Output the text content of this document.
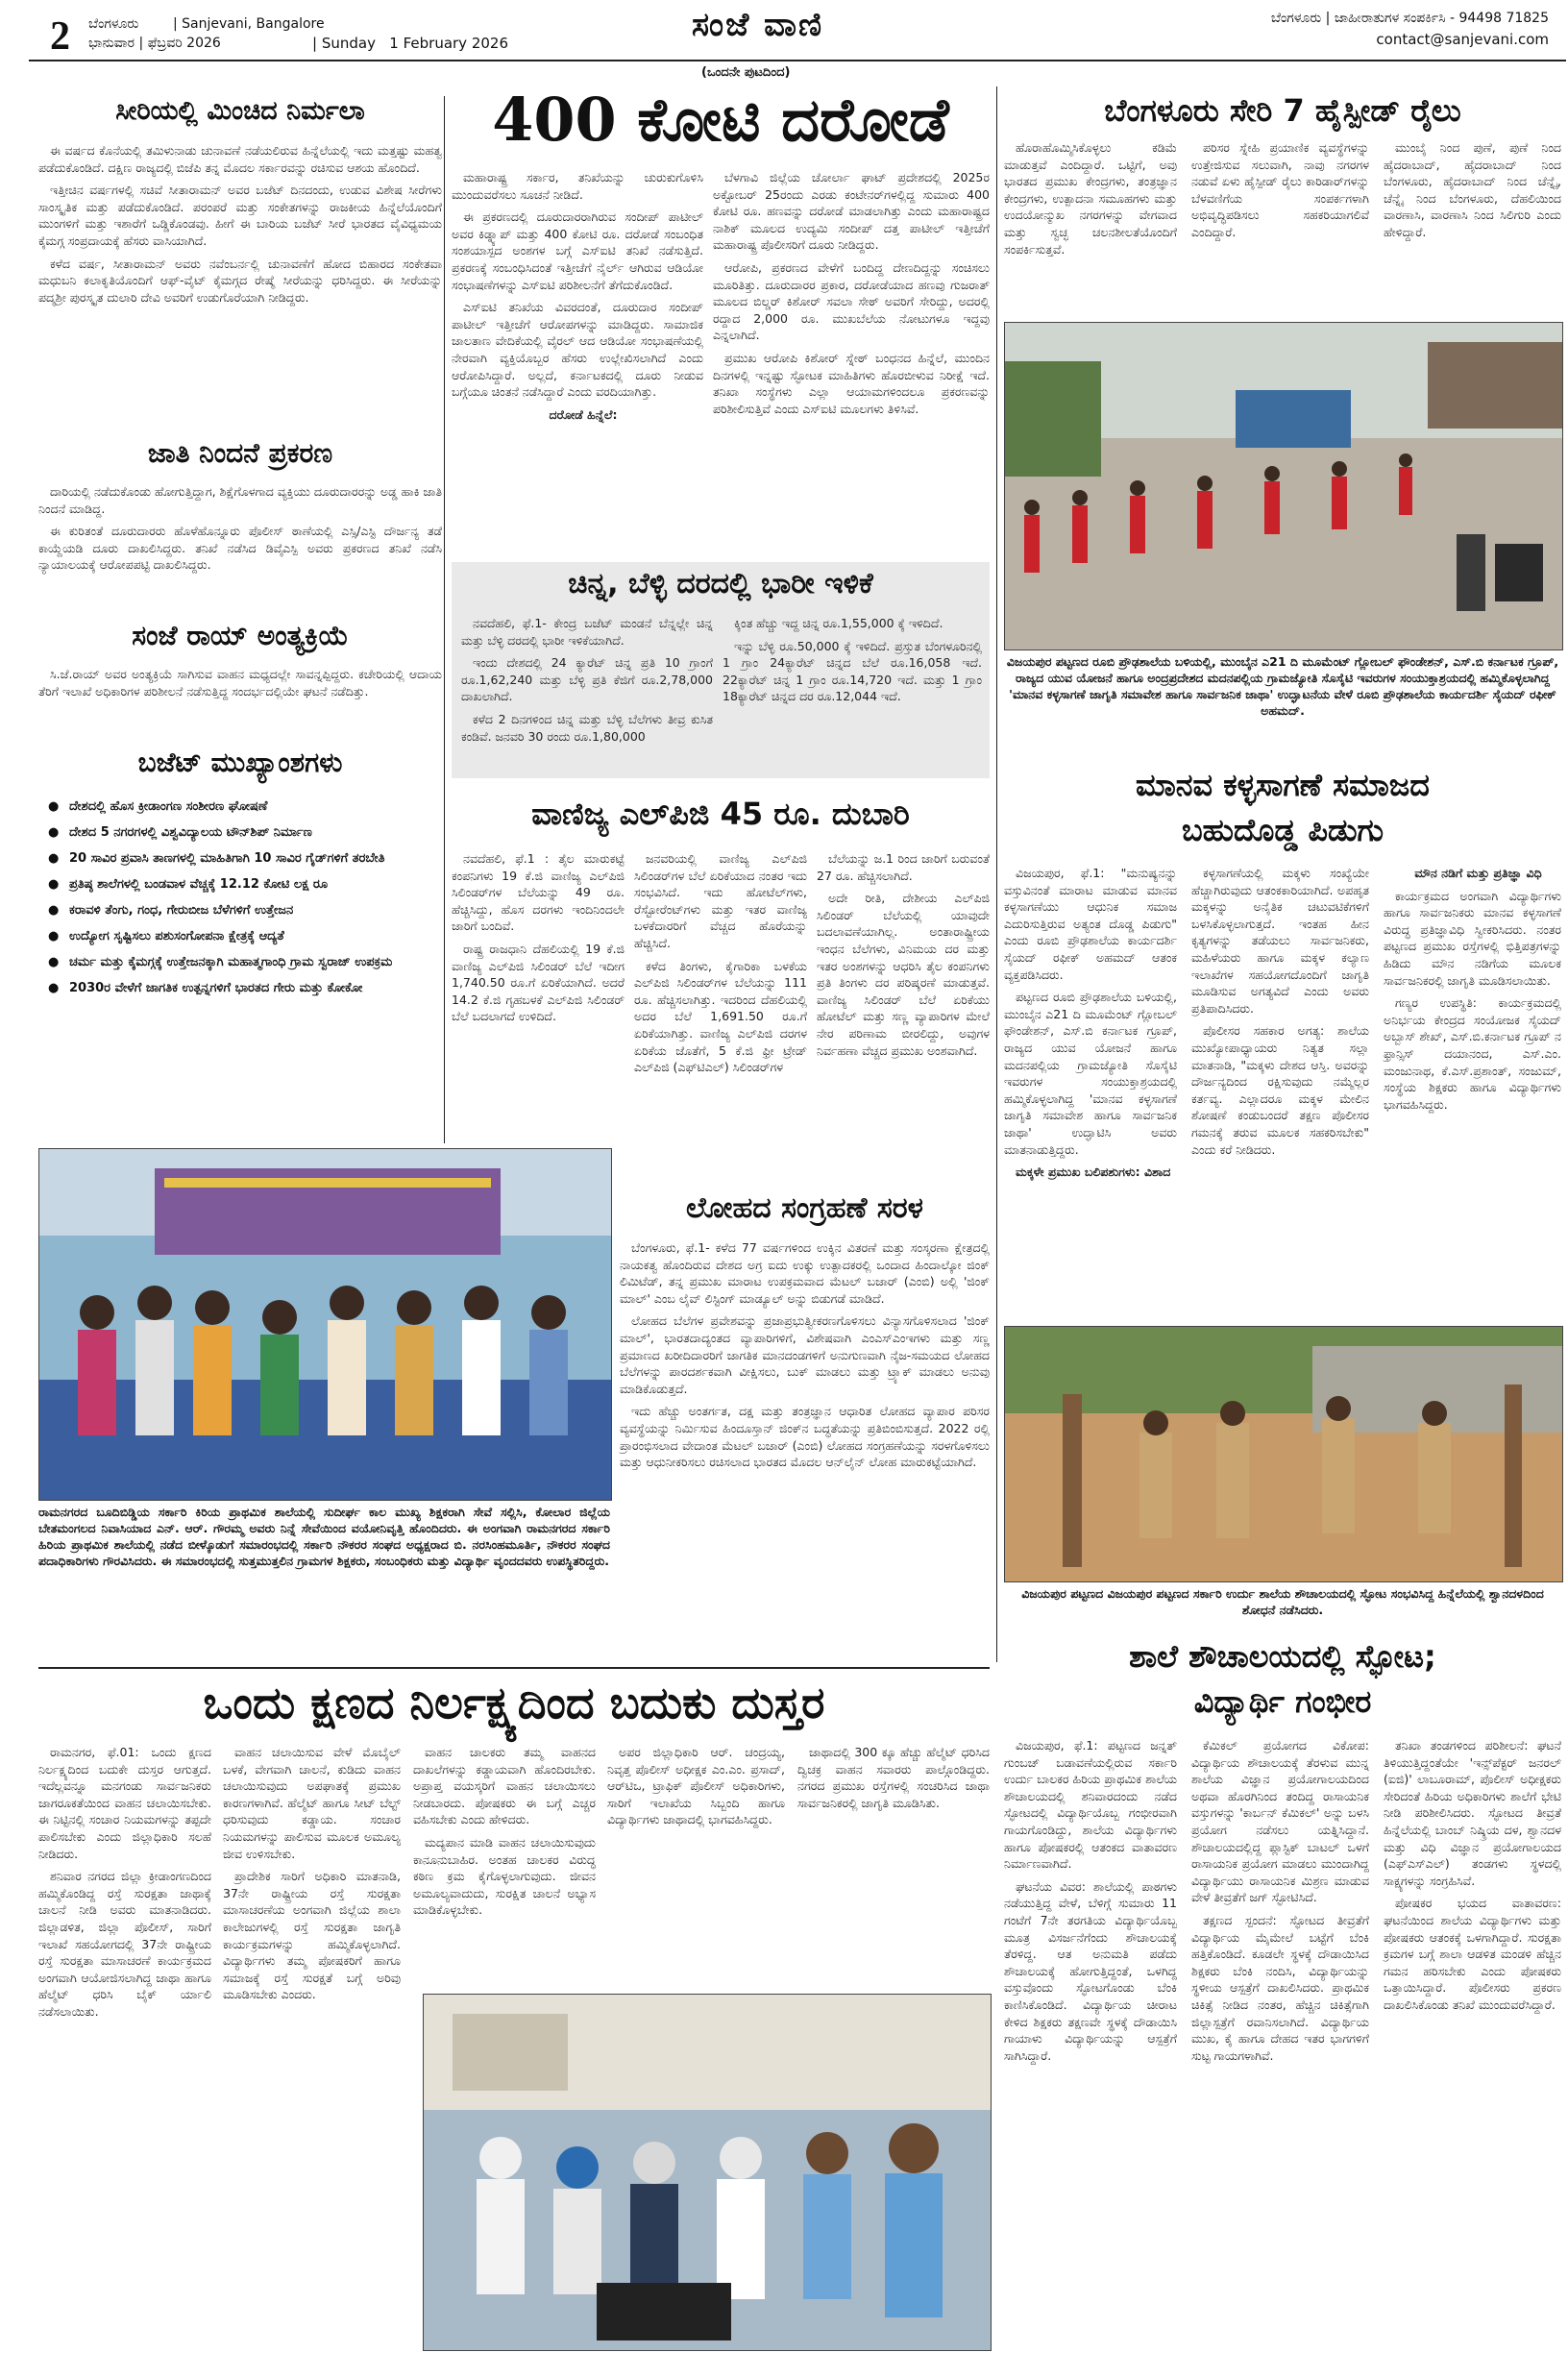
2 ಬೆಂಗಳೂರು	| Sanjevani, Bangalore
ಭಾನುವಾರ | ಫೆಬ್ರವರಿ 2026	| Sunday 1 February 2026	ಸಂಜೆ ವಾಣಿ	ಬೆಂಗಳೂರು | ಜಾಹೀರಾತುಗಳ ಸಂಪರ್ಕಿಸಿ - 94498 71825
contact@sanjevani.com
(ಒಂದನೇ ಪುಟದಿಂದ)
ಸೀರಿಯಲ್ಲಿ ಮಿಂಚಿದ ನಿರ್ಮಲಾ

ಈ ವರ್ಷದ ಕೊನೆಯಲ್ಲಿ ತಮಿಳುನಾಡು ಚುನಾವಣೆ ನಡೆಯಲಿರುವ ಹಿನ್ನೆಲೆಯಲ್ಲಿ ಇದು ಮತ್ತಷ್ಟು ಮಹತ್ವ ಪಡೆದುಕೊಂಡಿದೆ. ದಕ್ಷಿಣ ರಾಜ್ಯದಲ್ಲಿ ಬಿಜೆಪಿ ತನ್ನ ಮೊದಲ ಸರ್ಕಾರವನ್ನು ರಚಿಸುವ ಆಶಯ ಹೊಂದಿದೆ.

ಇತ್ತೀಚಿನ ವರ್ಷಗಳಲ್ಲಿ ಸಚಿವೆ ಸೀತಾರಾಮನ್ ಅವರ ಬಜೆಟ್ ದಿನದಂದು, ಉಡುವ ವಿಶೇಷ ಸೀರೆಗಳು ಸಾಂಸ್ಕೃತಿಕ ಮತ್ತು ಪಡೆದುಕೊಂಡಿದೆ. ಪರಂಪರೆ ಮತ್ತು ಸಂಕೇತಗಳನ್ನು ರಾಜಕೀಯ ಹಿನ್ನೆಲೆಯೊಂದಿಗೆ ಮುಂಗಳಿಗೆ ಮತ್ತು ಇಶಾರೆಗೆ ಒಡ್ಡಿಕೊಂಡವು. ಹೀಗೆ ಈ ಬಾರಿಯ ಬಜೆಟ್ ಸೀರೆ ಭಾರತದ ವೈವಿಧ್ಯಮಯ ಕೈಮಗ್ಗ ಸಂಪ್ರದಾಯಕ್ಕೆ ಹೆಸರು ವಾಸಿಯಾಗಿದೆ.

ಕಳೆದ ವರ್ಷ, ಸೀತಾರಾಮನ್ ಅವರು ನವೆಂಬರ್ನಲ್ಲಿ ಚುನಾವಣೆಗೆ ಹೋದ ಬಿಹಾರದ ಸಂಕೇತವಾ ಮಧುಬನಿ ಕಲಾಕೃತಿಯೊಂದಿಗೆ ಆಫ್-ವೈಟ್ ಕೈಮಗ್ಗದ ರೇಷ್ಮೆ ಸೀರೆಯನ್ನು ಧರಿಸಿದ್ದರು. ಈ ಸೀರೆಯನ್ನು ಪದ್ಮಶ್ರೀ ಪುರಸ್ಕೃತ ದುಲಾರಿ ದೇವಿ ಅವರಿಗೆ ಉಡುಗೊರೆಯಾಗಿ ನೀಡಿದ್ದರು.

ಜಾತಿ ನಿಂದನೆ ಪ್ರಕರಣ

ದಾರಿಯಲ್ಲಿ ನಡೆದುಕೊಂಡು ಹೋಗುತ್ತಿದ್ದಾಗ, ಶಿಕ್ಷೆಗೊಳಗಾದ ವ್ಯಕ್ತಿಯು ದೂರುದಾರರನ್ನು ಅಡ್ಡ ಹಾಕಿ ಜಾತಿ ನಿಂದನೆ ಮಾಡಿದ್ದ.

ಈ ಕುರಿತಂತೆ ದೂರುದಾರರು ಹೊಳೆಹೊನ್ನೂರು ಪೊಲೀಸ್ ಠಾಣೆಯಲ್ಲಿ ಎಸ್ಸಿ/ಎಸ್ಟಿ ದೌರ್ಜನ್ಯ ತಡೆ ಕಾಯ್ದೆಯಡಿ ದೂರು ದಾಖಲಿಸಿದ್ದರು. ತನಿಖೆ ನಡೆಸಿದ ಡಿವೈಎಸ್ಪಿ ಅವರು ಪ್ರಕರಣದ ತನಿಖೆ ನಡೆಸಿ ನ್ಯಾಯಾಲಯಕ್ಕೆ ಆರೋಪಪಟ್ಟಿ ದಾಖಲಿಸಿದ್ದರು.

ಸಂಜೆ ರಾಯ್ ಅಂತ್ಯಕ್ರಿಯೆ

ಸಿ.ಜೆ.ರಾಯ್ ಅವರ ಅಂತ್ಯಕ್ರಿಯೆ ಸಾಗಿಸುವ ವಾಹನ ಮಧ್ಯದಲ್ಲೇ ಸಾವನ್ನಪ್ಪಿದ್ದರು. ಕಚೇರಿಯಲ್ಲಿ ಆದಾಯ ತೆರಿಗೆ ಇಲಾಖೆ ಅಧಿಕಾರಿಗಳ ಪರಿಶೀಲನೆ ನಡೆಸುತ್ತಿದ್ದ ಸಂದರ್ಭದಲ್ಲಿಯೇ ಘಟನೆ ನಡೆದಿತ್ತು.

ಬಜೆಟ್ ಮುಖ್ಯಾಂಶಗಳು
● ದೇಶದಲ್ಲಿ ಹೊಸ ಕ್ರೀಡಾಂಗಣ ಸಂಶೀರಣ ಘೋಷಣೆ
● ದೇಶದ 5 ನಗರಗಳಲ್ಲಿ ವಿಶ್ವವಿದ್ಯಾಲಯ ಟೌನ್‌ಶಿಪ್ ನಿರ್ಮಾಣ
● 20 ಸಾವಿರ ಪ್ರವಾಸಿ ತಾಣಗಳಲ್ಲಿ ಮಾಹಿತಿಗಾಗಿ 10 ಸಾವಿರ ಗೈಡ್‌ಗಳಿಗೆ ತರಬೇತಿ
● ಪ್ರತಿಷ್ಠ ಶಾಲೆಗಳಲ್ಲಿ ಬಂಡವಾಳ ವೆಚ್ಚಕ್ಕೆ 12.12 ಕೋಟಿ ಲಕ್ಷ ರೂ
● ಕರಾವಳಿ ತೆಂಗು, ಗಂಧ, ಗೇರುಬೀಜ ಬೆಳೆಗಳಿಗೆ ಉತ್ತೇಜನ
● ಉದ್ಯೋಗ ಸೃಷ್ಟಿಸಲು ಪಶುಸಂಗೋಪನಾ ಕ್ಷೇತ್ರಕ್ಕೆ ಆದ್ಯತೆ
● ಚರ್ಮ ಮತ್ತು ಕೈಮಗ್ಗಕ್ಕೆ ಉತ್ತೇಜನಕ್ಕಾಗಿ ಮಹಾತ್ಮಗಾಂಧಿ ಗ್ರಾಮ ಸ್ವರಾಜ್ ಉಪಕ್ರಮ
● 2030ರ ವೇಳೆಗೆ ಜಾಗತಿಕ ಉತ್ಪನ್ನಗಳಿಗೆ ಭಾರತದ ಗೇರು ಮತ್ತು ಕೋಕೋ
400 ಕೋಟಿ ದರೋಡೆ

ಮಹಾರಾಷ್ಟ್ರ ಸರ್ಕಾರ, ತನಿಖೆಯನ್ನು ಚುರುಕುಗೊಳಿಸಿ ಮುಂದುವರೆಸಲು ಸೂಚನೆ ನೀಡಿದೆ.

ಈ ಪ್ರಕರಣದಲ್ಲಿ ದೂರುದಾರರಾಗಿರುವ ಸಂದೀಪ್ ಪಾಟೀಲ್ ಅವರ ಕಿಡ್ನ್ಯಾಪ್ ಮತ್ತು 400 ಕೋಟಿ ರೂ. ದರೋಡೆ ಸಂಬಂಧಿತ ಸಂಶಯಾಸ್ಪದ ಅಂಶಗಳ ಬಗ್ಗೆ ಎಸ್ಐಟಿ ತನಿಖೆ ನಡೆಸುತ್ತಿದೆ. ಪ್ರಕರಣಕ್ಕೆ ಸಂಬಂಧಿಸಿದಂತೆ ಇತ್ತೀಚೆಗೆ ನೈರ್ಲ್ ಆಗಿರುವ ಆಡಿಯೋ ಸಂಭಾಷಣೆಗಳನ್ನು ಎಸ್ಐಟಿ ಪರಿಶೀಲನೆಗೆ ತೆಗೆದುಕೊಂಡಿದೆ.

ಎಸ್ಐಟಿ ತನಿಖೆಯ ವಿವರದಂತೆ, ದೂರುದಾರ ಸಂದೀಪ್ ಪಾಟೀಲ್ ಇತ್ತೀಚೆಗೆ ಆರೋಪಗಳನ್ನು ಮಾಡಿದ್ದರು. ಸಾಮಾಜಿಕ ಜಾಲತಾಣ ವೇದಿಕೆಯಲ್ಲಿ ವೈರಲ್ ಆದ ಆಡಿಯೋ ಸಂಭಾಷಣೆಯಲ್ಲಿ ನೇರವಾಗಿ ವ್ಯಕ್ತಿಯೊಬ್ಬರ ಹೆಸರು ಉಲ್ಲೇಖಿಸಲಾಗಿದೆ ಎಂದು ಆರೋಪಿಸಿದ್ದಾರೆ. ಅಲ್ಲದೆ, ಕರ್ನಾಟಕದಲ್ಲಿ ದೂರು ನೀಡುವ ಬಗ್ಗೆಯೂ ಚಿಂತನೆ ನಡೆಸಿದ್ದಾರೆ ಎಂದು ವರದಿಯಾಗಿತ್ತು.

ದರೋಡೆ ಹಿನ್ನೆಲೆ:

ಬೆಳಗಾವಿ ಜಿಲ್ಲೆಯ ಚೋರ್ಲಾ ಘಾಟ್ ಪ್ರದೇಶದಲ್ಲಿ 2025ರ ಅಕ್ಟೋಬರ್ 25ರಂದು ಎರಡು ಕಂಟೇನರ್‌ಗಳಲ್ಲಿದ್ದ ಸುಮಾರು 400 ಕೋಟಿ ರೂ. ಹಣವನ್ನು ದರೋಡೆ ಮಾಡಲಾಗಿತ್ತು ಎಂದು ಮಹಾರಾಷ್ಟ್ರದ ನಾಶಿಕ್ ಮೂಲದ ಉದ್ಯಮಿ ಸಂದೀಪ್ ದತ್ತ ಪಾಟೀಲ್ ಇತ್ತೀಚೆಗೆ ಮಹಾರಾಷ್ಟ್ರ ಪೊಲೀಸರಿಗೆ ದೂರು ನೀಡಿದ್ದರು.

ಆರೋಪಿ, ಪ್ರಕರಣದ ವೇಳೆಗೆ ಬಂದಿದ್ದ ದೇಣದಿದ್ದನ್ನು ಸಂಚಿಸಲು ಮೂರಿತಿತ್ತು. ದೂರುದಾರರ ಪ್ರಕಾರ, ದರೋಡೆಯಾದ ಹಣವು ಗುಜರಾತ್ ಮೂಲದ ಬಿಲ್ಡರ್ ಕಿಶೋರ್ ಸವಲಾ ಸೇಠ್ ಅವರಿಗೆ ಸೇರಿದ್ದು, ಅದರಲ್ಲಿ ರದ್ದಾದ 2,000 ರೂ. ಮುಖಬೆಲೆಯ ನೋಟುಗಳೂ ಇದ್ದವು ಎನ್ನಲಾಗಿದೆ.

ಪ್ರಮುಖ ಆರೋಪಿ ಕಿಶೋರ್ ಸ್ನೇಠ್ ಬಂಧನದ ಹಿನ್ನೆಲೆ, ಮುಂದಿನ ದಿನಗಳಲ್ಲಿ ಇನ್ನಷ್ಟು ಸ್ಫೋಟಕ ಮಾಹಿತಿಗಳು ಹೊರಬೀಳುವ ನಿರೀಕ್ಷೆ ಇದೆ. ತನಿಖಾ ಸಂಸ್ಥೆಗಳು ಎಲ್ಲಾ ಆಯಾಮಗಳಿಂದಲೂ ಪ್ರಕರಣವನ್ನು ಪರಿಶೀಲಿಸುತ್ತಿವೆ ಎಂದು ಎಸ್ಐಟಿ ಮೂಲಗಳು ತಿಳಿಸಿವೆ.

ಚಿನ್ನ, ಬೆಳ್ಳಿ ದರದಲ್ಲಿ ಭಾರೀ ಇಳಿಕೆ

ನವದೆಹಲಿ, ಫೆ.1- ಕೇಂದ್ರ ಬಜೆಟ್ ಮಂಡನೆ ಬೆನ್ನಲ್ಲೇ ಚಿನ್ನ ಮತ್ತು ಬೆಳ್ಳಿ ದರದಲ್ಲಿ ಭಾರೀ ಇಳಿಕೆಯಾಗಿದೆ.

ಇಂದು ದೇಶದಲ್ಲಿ 24 ಕ್ಯಾರೆಟ್ ಚಿನ್ನ ಪ್ರತಿ 10 ಗ್ರಾಂಗೆ ರೂ.1,62,240 ಮತ್ತು ಬೆಳ್ಳಿ ಪ್ರತಿ ಕೆಜಿಗೆ ರೂ.2,78,000 ದಾಖಲಾಗಿದೆ.

ಕಳೆದ 2 ದಿನಗಳಿಂದ ಚಿನ್ನ ಮತ್ತು ಬೆಳ್ಳಿ ಬೆಲೆಗಳು ತೀವ್ರ ಕುಸಿತ ಕಂಡಿವೆ. ಜನವರಿ 30 ರಂದು ರೂ.1,80,000

ಕ್ಕಿಂತ ಹೆಚ್ಚು ಇದ್ದ ಚಿನ್ನ ರೂ.1,55,000 ಕ್ಕೆ ಇಳಿದಿದೆ.

ಇನ್ನು ಬೆಳ್ಳಿ ರೂ.50,000 ಕ್ಕೆ ಇಳಿದಿದೆ. ಪ್ರಸ್ತುತ ಬೆಂಗಳೂರಿನಲ್ಲಿ 1 ಗ್ರಾಂ 24ಕ್ಯಾರೆಟ್ ಚಿನ್ನದ ಬೆಲೆ ರೂ.16,058 ಇದೆ. 22ಕ್ಯಾರೆಟ್ ಚಿನ್ನ 1 ಗ್ರಾಂ ರೂ.14,720 ಇದೆ. ಮತ್ತು 1 ಗ್ರಾಂ 18ಕ್ಯಾರೆಟ್ ಚಿನ್ನದ ದರ ರೂ.12,044 ಇದೆ.

ವಾಣಿಜ್ಯ ಎಲ್‌ಪಿಜಿ 45 ರೂ. ದುಬಾರಿ

ನವದೆಹಲಿ, ಫೆ.1 : ತೈಲ ಮಾರುಕಟ್ಟೆ ಕಂಪನಿಗಳು 19 ಕೆ.ಜಿ ವಾಣಿಜ್ಯ ಎಲ್‌ಪಿಜಿ ಸಿಲಿಂಡರ್‌ಗಳ ಬೆಲೆಯನ್ನು 49 ರೂ. ಹೆಚ್ಚಿಸಿದ್ದು, ಹೊಸ ದರಗಳು ಇಂದಿನಿಂದಲೇ ಜಾರಿಗೆ ಬಂದಿವೆ.

ರಾಷ್ಟ್ರ ರಾಜಧಾನಿ ದೆಹಲಿಯಲ್ಲಿ 19 ಕೆ.ಜಿ ವಾಣಿಜ್ಯ ಎಲ್‌ಪಿಜಿ ಸಿಲಿಂಡರ್ ಬೆಲೆ ಇದೀಗ 1,740.50 ರೂ.ಗೆ ಏರಿಕೆಯಾಗಿದೆ. ಅದರೆ 14.2 ಕೆ.ಜಿ ಗೃಹಬಳಕೆ ಎಲ್‌ಪಿಜಿ ಸಿಲಿಂಡರ್ ಬೆಲೆ ಬದಲಾಗದೆ ಉಳಿದಿದೆ.

ಜನವರಿಯಲ್ಲಿ ವಾಣಿಜ್ಯ ಎಲ್‌ಪಿಜಿ ಸಿಲಿಂಡರ್‌ಗಳ ಬೆಲೆ ಏರಿಕೆಯಾದ ನಂತರ ಇದು ಸಂಭವಿಸಿದೆ. ಇದು ಹೋಟೆಲ್‌ಗಳು, ರೆಸ್ಟೋರೆಂಟ್‌ಗಳು ಮತ್ತು ಇತರ ವಾಣಿಜ್ಯ ಬಳಕೆದಾರರಿಗೆ ವೆಚ್ಚದ ಹೊರೆಯನ್ನು ಹೆಚ್ಚಿಸಿದೆ.

ಕಳೆದ ತಿಂಗಳು, ಕೈಗಾರಿಕಾ ಬಳಕೆಯ ಎಲ್‌ಪಿಜಿ ಸಿಲಿಂಡರ್‌ಗಳ ಬೆಲೆಯನ್ನು 111 ರೂ. ಹೆಚ್ಚಿಸಲಾಗಿತ್ತು. ಇದರಿಂದ ದೆಹಲಿಯಲ್ಲಿ ಅದರ ಬೆಲೆ 1,691.50 ರೂ.ಗೆ ಏರಿಕೆಯಾಗಿತ್ತು. ವಾಣಿಜ್ಯ ಎಲ್‌ಪಿಜಿ ದರಗಳ ಏರಿಕೆಯ ಜೊತೆಗೆ, 5 ಕೆ.ಜಿ ಫ್ರೀ ಟ್ರೇಡ್ ಎಲ್‌ಪಿಜಿ (ಎಫ್‌ಟಿಎಲ್) ಸಿಲಿಂಡರ್‌ಗಳ

ಬೆಲೆಯನ್ನು ಜ.1 ರಿಂದ ಜಾರಿಗೆ ಬರುವಂತೆ 27 ರೂ. ಹೆಚ್ಚಿಸಲಾಗಿದೆ.

ಅದೇ ರೀತಿ, ದೇಶೀಯ ಎಲ್‌ಪಿಜಿ ಸಿಲಿಂಡರ್ ಬೆಲೆಯಲ್ಲಿ ಯಾವುದೇ ಬದಲಾವಣೆಯಾಗಿಲ್ಲ. ಅಂತಾರಾಷ್ಟ್ರೀಯ ಇಂಧನ ಬೆಲೆಗಳು, ವಿನಿಮಯ ದರ ಮತ್ತು ಇತರ ಅಂಶಗಳನ್ನು ಆಧರಿಸಿ ತೈಲ ಕಂಪನಿಗಳು ಪ್ರತಿ ತಿಂಗಳು ದರ ಪರಿಷ್ಕರಣೆ ಮಾಡುತ್ತವೆ. ವಾಣಿಜ್ಯ ಸಿಲಿಂಡರ್ ಬೆಲೆ ಏರಿಕೆಯು ಹೋಟೆಲ್ ಮತ್ತು ಸಣ್ಣ ವ್ಯಾಪಾರಿಗಳ ಮೇಲೆ ನೇರ ಪರಿಣಾಮ ಬೀರಲಿದ್ದು, ಅವುಗಳ ನಿರ್ವಹಣಾ ವೆಚ್ಚದ ಪ್ರಮುಖ ಅಂಶವಾಗಿದೆ.

ರಾಮನಗರದ ಬೂದಿಬಿಡ್ಡಿಯ ಸರ್ಕಾರಿ ಕಿರಿಯ ಪ್ರಾಥಮಿಕ ಶಾಲೆಯಲ್ಲಿ ಸುದೀರ್ಘ ಕಾಲ ಮುಖ್ಯ ಶಿಕ್ಷಕರಾಗಿ ಸೇವೆ ಸಲ್ಲಿಸಿ, ಕೋಲಾರ ಜಿಲ್ಲೆಯ ಬೇತಮಂಗಲದ ನಿವಾಸಿಯಾದ ಎನ್. ಆರ್. ಗೌರಮ್ಮ ಅವರು ನಿನ್ನೆ ಸೇವೆಯಿಂದ ವಯೋನಿವೃತ್ತಿ ಹೊಂದಿದರು. ಈ ಅಂಗವಾಗಿ ರಾಮನಗರದ ಸರ್ಕಾರಿ ಹಿರಿಯ ಪ್ರಾಥಮಿಕ ಶಾಲೆಯಲ್ಲಿ ನಡೆದ ಬೀಳ್ಕೊಡುಗೆ ಸಮಾರಂಭದಲ್ಲಿ ಸರ್ಕಾರಿ ನೌಕರರ ಸಂಘದ ಅಧ್ಯಕ್ಷರಾದ ಬಿ. ನರಸಿಂಹಮೂರ್ತಿ, ನೌಕರರ ಸಂಘದ ಪದಾಧಿಕಾರಿಗಳು ಗೌರವಿಸಿದರು. ಈ ಸಮಾರಂಭದಲ್ಲಿ ಸುತ್ತಮುತ್ತಲಿನ ಗ್ರಾಮಗಳ ಶಿಕ್ಷಕರು, ಸಂಬಂಧಿಕರು ಮತ್ತು ವಿದ್ಯಾರ್ಥಿ ವೃಂದದವರು ಉಪಸ್ಥಿತರಿದ್ದರು.
ಲೋಹದ ಸಂಗ್ರಹಣೆ ಸರಳ

ಬೆಂಗಳೂರು, ಫೆ.1- ಕಳೆದ 77 ವರ್ಷಗಳಿಂದ ಉಕ್ಕಿನ ವಿತರಣೆ ಮತ್ತು ಸಂಸ್ಕರಣಾ ಕ್ಷೇತ್ರದಲ್ಲಿ ನಾಯಕತ್ವ ಹೊಂದಿರುವ ದೇಶದ ಅಗ್ರ ಐದು ಉಕ್ಕು ಉತ್ಪಾದಕರಲ್ಲಿ ಒಂದಾದ ಹಿಂದಾಲ್ಕೋ ಜಿಂಕ್ ಲಿಮಿಟೆಡ್, ತನ್ನ ಪ್ರಮುಖ ಮಾರಾಟ ಉಪಕ್ರಮವಾದ ಮೆಟಲ್ ಬಜಾರ್ (ಎಂಬಿ) ಅಲ್ಲಿ 'ಜಿಂಕ್ ಮಾಲ್' ಎಂಬ ಲೈವ್ ಲಿಸ್ಟಿಂಗ್ ಮಾಡ್ಯೂಲ್ ಅನ್ನು ಬಿಡುಗಡೆ ಮಾಡಿದೆ.

ಲೋಹದ ಬೆಲೆಗಳ ಪ್ರವೇಶವನ್ನು ಪ್ರಜಾಪ್ರಭುತ್ವೀಕರಣಗೊಳಿಸಲು ವಿನ್ಯಾಸಗೊಳಿಸಲಾದ 'ಜಿಂಕ್ ಮಾಲ್', ಭಾರತದಾದ್ಯಂತದ ವ್ಯಾಪಾರಿಗಳಿಗೆ, ವಿಶೇಷವಾಗಿ ಎಂಎಸ್‌ಎಂಇಗಳು ಮತ್ತು ಸಣ್ಣ ಪ್ರಮಾಣದ ಖರೀದಿದಾರರಿಗೆ ಜಾಗತಿಕ ಮಾನದಂಡಗಳಿಗೆ ಅನುಗುಣವಾಗಿ ನೈಜ-ಸಮಯದ ಲೋಹದ ಬೆಲೆಗಳನ್ನು ಪಾರದರ್ಶಕವಾಗಿ ವೀಕ್ಷಿಸಲು, ಬುಕ್ ಮಾಡಲು ಮತ್ತು ಟ್ರ್ಯಾಕ್ ಮಾಡಲು ಅನುವು ಮಾಡಿಕೊಡುತ್ತದೆ.

ಇದು ಹೆಚ್ಚು ಅಂತರ್ಗತ, ದಕ್ಷ ಮತ್ತು ತಂತ್ರಜ್ಞಾನ ಆಧಾರಿತ ಲೋಹದ ವ್ಯಾಪಾರ ಪರಿಸರ ವ್ಯವಸ್ಥೆಯನ್ನು ನಿರ್ಮಿಸುವ ಹಿಂದೂಸ್ತಾನ್ ಜಿಂಕ್‌ನ ಬದ್ಧತೆಯನ್ನು ಪ್ರತಿಬಿಂಬಿಸುತ್ತದೆ. 2022 ರಲ್ಲಿ ಪ್ರಾರಂಭಿಸಲಾದ ವೇದಾಂತ ಮೆಟಲ್ ಬಜಾರ್ (ಎಂಬಿ) ಲೋಹದ ಸಂಗ್ರಹಣೆಯನ್ನು ಸರಳಗೊಳಿಸಲು ಮತ್ತು ಆಧುನೀಕರಿಸಲು ರಚಿಸಲಾದ ಭಾರತದ ಮೊದಲ ಆನ್‌ಲೈನ್ ಲೋಹ ಮಾರುಕಟ್ಟೆಯಾಗಿದೆ.

ಬೆಂಗಳೂರು ಸೇರಿ 7 ಹೈಸ್ಪೀಡ್ ರೈಲು

ಹೊರಾಹೊಮ್ಮಿಸಿಕೊಳ್ಳಲು ಕಡಿಮೆ ಮಾಡುತ್ತವೆ ಎಂದಿದ್ದಾರೆ. ಒಟ್ಟಿಗೆ, ಅವು ಭಾರತದ ಪ್ರಮುಖ ಕೇಂದ್ರಗಳು, ತಂತ್ರಜ್ಞಾನ ಕೇಂದ್ರಗಳು, ಉತ್ಪಾದನಾ ಸಮೂಹಗಳು ಮತ್ತು ಉದಯೋನ್ಮುಖ ನಗರಗಳನ್ನು ವೇಗವಾದ ಮತ್ತು ಸ್ವಚ್ಛ ಚಲನಶೀಲತೆಯೊಂದಿಗೆ ಸಂಪರ್ಕಿಸುತ್ತವೆ.

ಪರಿಸರ ಸ್ನೇಹಿ ಪ್ರಯಾಣಿಕ ವ್ಯವಸ್ಥೆಗಳನ್ನು ಉತ್ತೇಜಿಸುವ ಸಲುವಾಗಿ, ನಾವು ನಗರಗಳ ನಡುವೆ ಏಳು ಹೈಸ್ಪೀಡ್ ರೈಲು ಕಾರಿಡಾರ್‌ಗಳನ್ನು ಬೆಳವಣಿಗೆಯ ಸಂಪರ್ಕಗಳಾಗಿ ಅಭಿವೃದ್ಧಿಪಡಿಸಲು ಸಹಕರಿಯಾಗಲಿವೆ ಎಂದಿದ್ದಾರೆ.

ಮುಂಬೈ ನಿಂದ ಪುಣೆ, ಪುಣೆ ನಿಂದ ಹೈದರಾಬಾದ್, ಹೈದರಾಬಾದ್ ನಿಂದ ಬೆಂಗಳೂರು, ಹೈದರಾಬಾದ್ ನಿಂದ ಚೆನ್ನೈ, ಚೆನ್ನೈ ನಿಂದ ಬೆಂಗಳೂರು, ದೆಹಲಿಯಿಂದ ವಾರಣಾಸಿ, ವಾರಣಾಸಿ ನಿಂದ ಸಿಲಿಗುರಿ ಎಂದು ಹೇಳಿದ್ದಾರೆ.

ವಿಜಯಪುರ ಪಟ್ಟಣದ ರೂಬಿ ಪ್ರೌಢಶಾಲೆಯ ಬಳಿಯಲ್ಲಿ, ಮುಂಬೈನ ಎ21 ದಿ ಮೂಮೆಂಟ್ ಗ್ಲೋಬಲ್ ಫೌಂಡೇಶನ್, ಎಸ್.ಬಿ ಕರ್ನಾಟಕ ಗ್ರೂಪ್, ರಾಜ್ಯದ ಯುವ ಯೋಜನೆ ಹಾಗೂ ಅಂದ್ರಪ್ರದೇಶದ ಮದನಪಲ್ಲಿಯ ಗ್ರಾಮಜ್ಯೋತಿ ಸೊಸೈಟಿ ಇವರುಗಳ ಸಂಯುಕ್ತಾಶ್ರಯದಲ್ಲಿ ಹಮ್ಮಿಕೊಳ್ಳಲಾಗಿದ್ದ 'ಮಾನವ ಕಳ್ಳಸಾಗಣೆ ಜಾಗೃತಿ ಸಮಾವೇಶ ಹಾಗೂ ಸಾರ್ವಜನಿಕ ಜಾಥಾ' ಉದ್ಘಾಟನೆಯ ವೇಳೆ ರೂಬಿ ಪ್ರೌಢಶಾಲೆಯ ಕಾರ್ಯದರ್ಶಿ ಸೈಯದ್ ರಫೀಕ್ ಅಹಮದ್.
ಮಾನವ ಕಳ್ಳಸಾಗಣೆ ಸಮಾಜದ
ಬಹುದೊಡ್ಡ ಪಿಡುಗು

ವಿಜಯಪುರ, ಫೆ.1: "ಮನುಷ್ಯನನ್ನು ವಸ್ತುವಿನಂತೆ ಮಾರಾಟ ಮಾಡುವ ಮಾನವ ಕಳ್ಳಸಾಗಣೆಯು ಆಧುನಿಕ ಸಮಾಜ ಎದುರಿಸುತ್ತಿರುವ ಅತ್ಯಂತ ದೊಡ್ಡ ಪಿಡುಗು" ಎಂದು ರೂಬಿ ಪ್ರೌಢಶಾಲೆಯ ಕಾರ್ಯದರ್ಶಿ ಸೈಯದ್ ರಫೀಕ್ ಅಹಮದ್ ಆತಂಕ ವ್ಯಕ್ತಪಡಿಸಿದರು.

ಪಟ್ಟಣದ ರೂಬಿ ಪ್ರೌಢಶಾಲೆಯ ಬಳಿಯಲ್ಲಿ, ಮುಂಬೈನ ಎ21 ದಿ ಮೂಮೆಂಟ್ ಗ್ಲೋಬಲ್ ಫೌಂಡೇಶನ್, ಎಸ್.ಬಿ ಕರ್ನಾಟಕ ಗ್ರೂಪ್, ರಾಜ್ಯದ ಯುವ ಯೋಜನೆ ಹಾಗೂ ಮದನಪಲ್ಲಿಯ ಗ್ರಾಮಜ್ಯೋತಿ ಸೊಸೈಟಿ ಇವರುಗಳ ಸಂಯುಕ್ತಾಶ್ರಯದಲ್ಲಿ ಹಮ್ಮಿಕೊಳ್ಳಲಾಗಿದ್ದ 'ಮಾನವ ಕಳ್ಳಸಾಗಣೆ ಜಾಗೃತಿ ಸಮಾವೇಶ ಹಾಗೂ ಸಾರ್ವಜನಿಕ ಜಾಥಾ' ಉದ್ಘಾಟಿಸಿ ಅವರು ಮಾತನಾಡುತ್ತಿದ್ದರು.

ಮಕ್ಕಳೇ ಪ್ರಮುಖ ಬಲಿಪಶುಗಳು: ವಿಶಾದ

ಕಳ್ಳಸಾಗಣೆಯಲ್ಲಿ ಮಕ್ಕಳು ಸಂಖ್ಯೆಯೇ ಹೆಚ್ಚಾಗಿರುವುದು ಆತಂಕಕಾರಿಯಾಗಿದೆ. ಅಪಹೃತ ಮಕ್ಕಳನ್ನು ಅನೈತಿಕ ಚಟುವಟಿಕೆಗಳಿಗೆ ಬಳಸಿಕೊಳ್ಳಲಾಗುತ್ತದೆ. ಇಂತಹ ಹೀನ ಕೃತ್ಯಗಳನ್ನು ತಡೆಯಲು ಸಾರ್ವಜನಿಕರು, ಮಹಿಳೆಯರು ಹಾಗೂ ಮಕ್ಕಳ ಕಲ್ಯಾಣ ಇಲಾಖೆಗಳ ಸಹಯೋಗದೊಂದಿಗೆ ಜಾಗೃತಿ ಮೂಡಿಸುವ ಅಗತ್ಯವಿದೆ ಎಂದು ಅವರು ಪ್ರತಿಪಾದಿಸಿದರು.

ಪೊಲೀಸರ ಸಹಕಾರ ಅಗತ್ಯ: ಶಾಲೆಯ ಮುಖ್ಯೋಪಾಧ್ಯಾಯರು ನಿತ್ಯತ ಸಲ್ಲಾ ಮಾತನಾಡಿ, "ಮಕ್ಕಳು ದೇಶದ ಆಸ್ತಿ. ಅವರನ್ನು ದೌರ್ಜನ್ಯದಿಂದ ರಕ್ಷಿಸುವುದು ನಮ್ಮೆಲ್ಲರ ಕರ್ತವ್ಯ. ಎಲ್ಲಾದರೂ ಮಕ್ಕಳ ಮೇಲಿನ ಶೋಷಣೆ ಕಂಡುಬಂದರೆ ತಕ್ಷಣ ಪೊಲೀಸರ ಗಮನಕ್ಕೆ ತರುವ ಮೂಲಕ ಸಹಕರಿಸಬೇಕು" ಎಂದು ಕರೆ ನೀಡಿದರು.

ಮೌನ ನಡಿಗೆ ಮತ್ತು ಪ್ರತಿಜ್ಞಾ ವಿಧಿ

ಕಾರ್ಯಕ್ರಮದ ಅಂಗವಾಗಿ ವಿದ್ಯಾರ್ಥಿಗಳು ಹಾಗೂ ಸಾರ್ವಜನಿಕರು ಮಾನವ ಕಳ್ಳಸಾಗಣೆ ವಿರುದ್ಧ ಪ್ರತಿಜ್ಞಾವಿಧಿ ಸ್ವೀಕರಿಸಿದರು. ನಂತರ ಪಟ್ಟಣದ ಪ್ರಮುಖ ರಸ್ತೆಗಳಲ್ಲಿ ಭಿತ್ತಿಪತ್ರಗಳನ್ನು ಹಿಡಿದು ಮೌನ ನಡಿಗೆಯ ಮೂಲಕ ಸಾರ್ವಜನಿಕರಲ್ಲಿ ಜಾಗೃತಿ ಮೂಡಿಸಲಾಯಿತು.

ಗಣ್ಯರ ಉಪಸ್ಥಿತಿ: ಕಾರ್ಯಕ್ರಮದಲ್ಲಿ ಅನಿರ್ಭಯ ಕೇಂದ್ರದ ಸಂಯೋಜಕ ಸೈಯದ್ ಅಬ್ಬಾಸ್ ಶೇಖ್, ಎಸ್.ಬಿ.ಕರ್ನಾಟಕ ಗ್ರೂಪ್ ನ ಫ್ರಾನ್ಸಿಸ್ ದಯಾನಂದ, ಎಸ್.ಎಂ. ಮಂಜುನಾಥ, ಕೆ.ಎಸ್.ಪ್ರಶಾಂತ್, ಸಂಜುಮ್, ಸಂಸ್ಥೆಯ ಶಿಕ್ಷಕರು ಹಾಗೂ ವಿದ್ಯಾರ್ಥಿಗಳು ಭಾಗವಹಿಸಿದ್ದರು.

ವಿಜಯಪುರ ಪಟ್ಟಣದ ವಿಜಯಪುರ ಪಟ್ಟಣದ ಸರ್ಕಾರಿ ಉರ್ದು ಶಾಲೆಯ ಶೌಚಾಲಯದಲ್ಲಿ ಸ್ಫೋಟ ಸಂಭವಿಸಿದ್ದ ಹಿನ್ನೆಲೆಯಲ್ಲಿ ಶ್ವಾನದಳದಿಂದ ಶೋಧನೆ ನಡೆಸಿದರು.
ಶಾಲೆ ಶೌಚಾಲಯದಲ್ಲಿ ಸ್ಫೋಟ;
ವಿದ್ಯಾರ್ಥಿ ಗಂಭೀರ

ವಿಜಯಪುರ, ಫೆ.1: ಪಟ್ಟಣದ ಜನ್ನತ್ ಗುಂಬಜ್ ಬಡಾವಣೆಯಲ್ಲಿರುವ ಸರ್ಕಾರಿ ಉರ್ದು ಬಾಲಕರ ಹಿರಿಯ ಪ್ರಾಥಮಿಕ ಶಾಲೆಯ ಶೌಚಾಲಯದಲ್ಲಿ ಶನಿವಾರದಂದು ನಡೆದ ಸ್ಫೋಟದಲ್ಲಿ ವಿದ್ಯಾರ್ಥಿಯೊಬ್ಬ ಗಂಭೀರವಾಗಿ ಗಾಯಗೊಂಡಿದ್ದು, ಶಾಲೆಯ ವಿದ್ಯಾರ್ಥಿಗಳು ಹಾಗೂ ಪೋಷಕರಲ್ಲಿ ಆತಂಕದ ವಾತಾವರಣ ನಿರ್ಮಾಣವಾಗಿದೆ.

ಘಟನೆಯ ವಿವರ: ಶಾಲೆಯಲ್ಲಿ ಪಾಠಗಳು ನಡೆಯುತ್ತಿದ್ದ ವೇಳೆ, ಬೆಳಿಗ್ಗೆ ಸುಮಾರು 11 ಗಂಟೆಗೆ 7ನೇ ತರಗತಿಯ ವಿದ್ಯಾರ್ಥಿಯೊಬ್ಬ ಮೂತ್ರ ವಿಸರ್ಜನೆಗೆಂದು ಶೌಚಾಲಯಕ್ಕೆ ತೆರಳಿದ್ದ. ಆತ ಅನುಮತಿ ಪಡೆದು ಶೌಚಾಲಯಕ್ಕೆ ಹೋಗುತ್ತಿದ್ದಂತೆ, ಒಳಗಿದ್ದ ವಸ್ತುವೊಂದು ಸ್ಫೋಟಗೊಂಡು ಬೆಂಕಿ ಕಾಣಿಸಿಕೊಂಡಿದೆ. ವಿದ್ಯಾರ್ಥಿಯ ಚೀರಾಟ ಕೇಳಿದ ಶಿಕ್ಷಕರು ತಕ್ಷಣವೇ ಸ್ಥಳಕ್ಕೆ ದೌಡಾಯಿಸಿ ಗಾಯಾಳು ವಿದ್ಯಾರ್ಥಿಯನ್ನು ಆಸ್ಪತ್ರೆಗೆ ಸಾಗಿಸಿದ್ದಾರೆ.

ಕೆಮಿಕಲ್ ಪ್ರಯೋಗದ ವಿಕೋಪ: ವಿದ್ಯಾರ್ಥಿಯ ಶೌಚಾಲಯಕ್ಕೆ ತೆರಳುವ ಮುನ್ನ ಶಾಲೆಯ ವಿಜ್ಞಾನ ಪ್ರಯೋಗಾಲಯದಿಂದ ಅಥವಾ ಹೊರಗಿನಿಂದ ತಂದಿದ್ದ ರಾಸಾಯನಿಕ ವಸ್ತುಗಳನ್ನು 'ಕಾರ್ಬನ್ ಕೆಮಿಕಲ್' ಅನ್ನು ಬಳಸಿ ಪ್ರಯೋಗ ನಡೆಸಲು ಯತ್ನಿಸಿದ್ದಾನೆ. ಶೌಚಾಲಯದಲ್ಲಿದ್ದ ಪ್ಲಾಸ್ಟಿಕ್ ಬಾಟಲ್ ಒಳಗೆ ರಾಸಾಯನಿಕ ಪ್ರಯೋಗ ಮಾಡಲು ಮುಂದಾಗಿದ್ದ ವಿದ್ಯಾರ್ಥಿಯು ರಾಸಾಯನಿಕ ಮಿಶ್ರಣ ಮಾಡುವ ವೇಳೆ ತೀವ್ರತೆಗೆ ಜಗ್ ಸ್ಫೋಟಿಸಿದೆ.

ತಕ್ಷಣದ ಸ್ಪಂದನೆ: ಸ್ಫೋಟದ ತೀವ್ರತೆಗೆ ವಿದ್ಯಾರ್ಥಿಯ ಮೈಮೇಲೆ ಬಟ್ಟೆಗೆ ಬೆಂಕಿ ಹತ್ತಿಕೊಂಡಿದೆ. ಕೂಡಲೇ ಸ್ಥಳಕ್ಕೆ ದೌಡಾಯಿಸಿದ ಶಿಕ್ಷಕರು ಬೆಂಕಿ ನಂದಿಸಿ, ವಿದ್ಯಾರ್ಥಿಯನ್ನು ಸ್ಥಳೀಯ ಆಸ್ಪತ್ರೆಗೆ ದಾಖಲಿಸಿದರು. ಪ್ರಾಥಮಿಕ ಚಿಕಿತ್ಸೆ ನೀಡಿದ ನಂತರ, ಹೆಚ್ಚಿನ ಚಿಕಿತ್ಸೆಗಾಗಿ ಜಿಲ್ಲಾಸ್ಪತ್ರೆಗೆ ರವಾನಿಸಲಾಗಿದೆ. ವಿದ್ಯಾರ್ಥಿಯ ಮುಖ, ಕೈ ಹಾಗೂ ದೇಹದ ಇತರ ಭಾಗಗಳಿಗೆ ಸುಟ್ಟ ಗಾಯಗಳಾಗಿವೆ.

ತನಿಖಾ ತಂಡಗಳಿಂದ ಪರಿಶೀಲನೆ: ಘಟನೆ ತಿಳಿಯುತ್ತಿದ್ದಂತೆಯೇ 'ಇನ್ಸ್‌ಪೆಕ್ಟರ್ ಜನರಲ್ (ಐಜಿ)' ಲಾಬೂರಾಮ್, ಪೊಲೀಸ್ ಅಧೀಕ್ಷಕರು ಸೇರಿದಂತೆ ಹಿರಿಯ ಅಧಿಕಾರಿಗಳು ಶಾಲೆಗೆ ಭೇಟಿ ನೀಡಿ ಪರಿಶೀಲಿಸಿದರು. ಸ್ಫೋಟದ ತೀವ್ರತೆ ಹಿನ್ನೆಲೆಯಲ್ಲಿ ಬಾಂಬ್ ನಿಷ್ಕ್ರಿಯ ದಳ, ಶ್ವಾನದಳ ಮತ್ತು ವಿಧಿ ವಿಜ್ಞಾನ ಪ್ರಯೋಗಾಲಯದ (ಎಫ್ಎಸ್ಎಲ್) ತಂಡಗಳು ಸ್ಥಳದಲ್ಲಿ ಸಾಕ್ಷ್ಯಗಳನ್ನು ಸಂಗ್ರಹಿಸಿವೆ.

ಪೋಷಕರ ಭಯದ ವಾತಾವರಣ: ಘಟನೆಯಿಂದ ಶಾಲೆಯ ವಿದ್ಯಾರ್ಥಿಗಳು ಮತ್ತು ಪೋಷಕರು ಆತಂಕಕ್ಕೆ ಒಳಗಾಗಿದ್ದಾರೆ. ಸುರಕ್ಷತಾ ಕ್ರಮಗಳ ಬಗ್ಗೆ ಶಾಲಾ ಆಡಳಿತ ಮಂಡಳಿ ಹೆಚ್ಚಿನ ಗಮನ ಹರಿಸಬೇಕು ಎಂದು ಪೋಷಕರು ಒತ್ತಾಯಿಸಿದ್ದಾರೆ. ಪೊಲೀಸರು ಪ್ರಕರಣ ದಾಖಲಿಸಿಕೊಂಡು ತನಿಖೆ ಮುಂದುವರೆಸಿದ್ದಾರೆ.

ಒಂದು ಕ್ಷಣದ ನಿರ್ಲಕ್ಷ್ಯದಿಂದ ಬದುಕು ದುಸ್ತರ

ರಾಮನಗರ, ಫೆ.01: ಒಂದು ಕ್ಷಣದ ನಿರ್ಲಕ್ಷ್ಯದಿಂದ ಬದುಕೇ ದುಸ್ತರ ಆಗುತ್ತದೆ. ಇದೆಲ್ಲವನ್ನೂ ಮನಗಂಡು ಸಾರ್ವಜನಿಕರು ಜಾಗರೂಕತೆಯಿಂದ ವಾಹನ ಚಲಾಯಿಸಬೇಕು. ಈ ನಿಟ್ಟಿನಲ್ಲಿ ಸಂಚಾರ ನಿಯಮಗಳನ್ನು ತಪ್ಪದೇ ಪಾಲಿಸಬೇಕು ಎಂದು ಜಿಲ್ಲಾಧಿಕಾರಿ ಸಲಹೆ ನೀಡಿದರು.

ಶನಿವಾರ ನಗರದ ಜಿಲ್ಲಾ ಕ್ರೀಡಾಂಗಣದಿಂದ ಹಮ್ಮಿಕೊಂಡಿದ್ದ ರಸ್ತೆ ಸುರಕ್ಷತಾ ಜಾಥಾಕ್ಕೆ ಚಾಲನೆ ನೀಡಿ ಅವರು ಮಾತನಾಡಿದರು. ಜಿಲ್ಲಾಡಳಿತ, ಜಿಲ್ಲಾ ಪೊಲೀಸ್, ಸಾರಿಗೆ ಇಲಾಖೆ ಸಹಯೋಗದಲ್ಲಿ 37ನೇ ರಾಷ್ಟ್ರೀಯ ರಸ್ತೆ ಸುರಕ್ಷತಾ ಮಾಸಾಚರಣೆ ಕಾರ್ಯಕ್ರಮದ ಅಂಗವಾಗಿ ಆಯೋಜಿಸಲಾಗಿದ್ದ ಜಾಥಾ ಹಾಗೂ ಹೆಲ್ಮೆಟ್ ಧರಿಸಿ ಬೈಕ್ ರ್ಯಾಲಿ ನಡೆಸಲಾಯಿತು.

ವಾಹನ ಚಲಾಯಿಸುವ ವೇಳೆ ಮೊಬೈಲ್ ಬಳಕೆ, ವೇಗವಾಗಿ ಚಾಲನೆ, ಕುಡಿದು ವಾಹನ ಚಲಾಯಿಸುವುದು ಅಪಘಾತಕ್ಕೆ ಪ್ರಮುಖ ಕಾರಣಗಳಾಗಿವೆ. ಹೆಲ್ಮೆಟ್ ಹಾಗೂ ಸೀಟ್ ಬೆಲ್ಟ್ ಧರಿಸುವುದು ಕಡ್ಡಾಯ. ಸಂಚಾರ ನಿಯಮಗಳನ್ನು ಪಾಲಿಸುವ ಮೂಲಕ ಅಮೂಲ್ಯ ಜೀವ ಉಳಿಸಬೇಕು.

ಪ್ರಾದೇಶಿಕ ಸಾರಿಗೆ ಅಧಿಕಾರಿ ಮಾತನಾಡಿ, 37ನೇ ರಾಷ್ಟ್ರೀಯ ರಸ್ತೆ ಸುರಕ್ಷತಾ ಮಾಸಾಚರಣೆಯ ಅಂಗವಾಗಿ ಜಿಲ್ಲೆಯ ಶಾಲಾ ಕಾಲೇಜುಗಳಲ್ಲಿ ರಸ್ತೆ ಸುರಕ್ಷತಾ ಜಾಗೃತಿ ಕಾರ್ಯಕ್ರಮಗಳನ್ನು ಹಮ್ಮಿಕೊಳ್ಳಲಾಗಿದೆ. ವಿದ್ಯಾರ್ಥಿಗಳು ತಮ್ಮ ಪೋಷಕರಿಗೆ ಹಾಗೂ ಸಮಾಜಕ್ಕೆ ರಸ್ತೆ ಸುರಕ್ಷತೆ ಬಗ್ಗೆ ಅರಿವು ಮೂಡಿಸಬೇಕು ಎಂದರು.

ವಾಹನ ಚಾಲಕರು ತಮ್ಮ ವಾಹನದ ದಾಖಲೆಗಳನ್ನು ಕಡ್ಡಾಯವಾಗಿ ಹೊಂದಿರಬೇಕು. ಅಪ್ರಾಪ್ತ ವಯಸ್ಕರಿಗೆ ವಾಹನ ಚಲಾಯಿಸಲು ನೀಡಬಾರದು. ಪೋಷಕರು ಈ ಬಗ್ಗೆ ಎಚ್ಚರ ವಹಿಸಬೇಕು ಎಂದು ಹೇಳಿದರು.

ಮದ್ಯಪಾನ ಮಾಡಿ ವಾಹನ ಚಲಾಯಿಸುವುದು ಕಾನೂನುಬಾಹಿರ. ಅಂತಹ ಚಾಲಕರ ವಿರುದ್ಧ ಕಠಿಣ ಕ್ರಮ ಕೈಗೊಳ್ಳಲಾಗುವುದು. ಜೀವನ ಅಮೂಲ್ಯವಾದುದು, ಸುರಕ್ಷಿತ ಚಾಲನೆ ಅಭ್ಯಾಸ ಮಾಡಿಕೊಳ್ಳಬೇಕು.

ಅಪರ ಜಿಲ್ಲಾಧಿಕಾರಿ ಆರ್. ಚಂದ್ರಯ್ಯ, ನಿವೃತ್ತ ಪೊಲೀಸ್ ಅಧೀಕ್ಷಕ ಎಂ.ಎಂ. ಪ್ರಸಾದ್, ಆರ್‌ಟಿಒ, ಟ್ರಾಫಿಕ್ ಪೊಲೀಸ್ ಅಧಿಕಾರಿಗಳು, ಸಾರಿಗೆ ಇಲಾಖೆಯ ಸಿಬ್ಬಂದಿ ಹಾಗೂ ವಿದ್ಯಾರ್ಥಿಗಳು ಜಾಥಾದಲ್ಲಿ ಭಾಗವಹಿಸಿದ್ದರು.

ಜಾಥಾದಲ್ಲಿ 300 ಕ್ಕೂ ಹೆಚ್ಚು ಹೆಲ್ಮೆಟ್ ಧರಿಸಿದ ದ್ವಿಚಕ್ರ ವಾಹನ ಸವಾರರು ಪಾಲ್ಗೊಂಡಿದ್ದರು. ನಗರದ ಪ್ರಮುಖ ರಸ್ತೆಗಳಲ್ಲಿ ಸಂಚರಿಸಿದ ಜಾಥಾ ಸಾರ್ವಜನಿಕರಲ್ಲಿ ಜಾಗೃತಿ ಮೂಡಿಸಿತು.
